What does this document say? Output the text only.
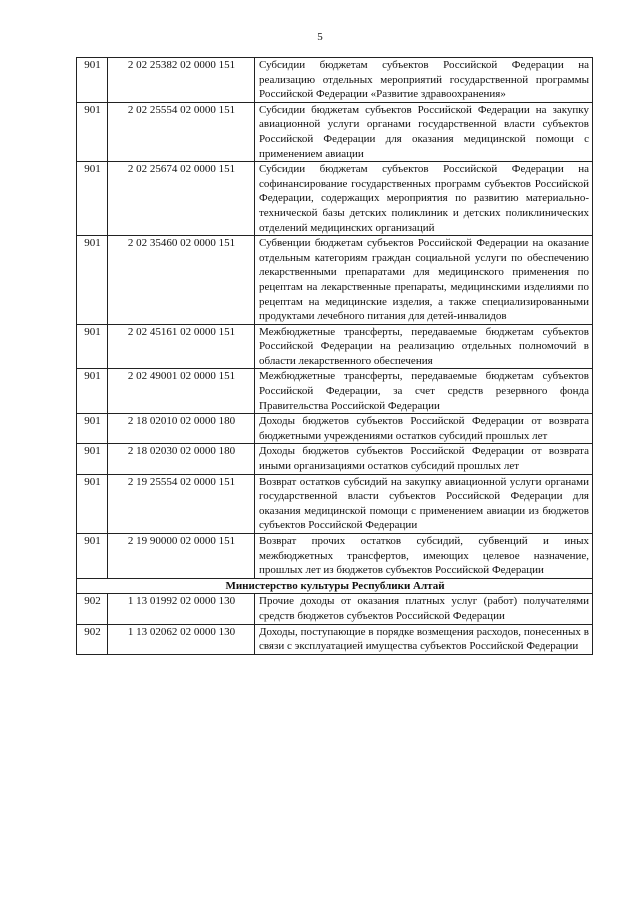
5
901	2 02 25382 02 0000 151	Субсидии бюджетам субъектов Российской Федерации на реализацию отдельных мероприятий государственной программы Российской Федерации «Развитие здравоохранения»
901	2 02 25554 02 0000 151	Субсидии бюджетам субъектов Российской Федерации на закупку авиационной услуги органами государственной власти субъектов Российской Федерации для оказания медицинской помощи с применением авиации
901	2 02 25674 02 0000 151	Субсидии бюджетам субъектов Российской Федерации на софинансирование государственных программ субъектов Российской Федерации, содержащих мероприятия по развитию материально-технической базы детских поликлиник и детских поликлинических отделений медицинских организаций
901	2 02 35460 02 0000 151	Субвенции бюджетам субъектов Российской Федерации на оказание отдельным категориям граждан социальной услуги по обеспечению лекарственными препаратами для медицинского применения по рецептам на лекарственные препараты, медицинскими изделиями по рецептам на медицинские изделия, а также специализированными продуктами лечебного питания для детей-инвалидов
901	2 02 45161 02 0000 151	Межбюджетные трансферты, передаваемые бюджетам субъектов Российской Федерации на реализацию отдельных полномочий в области лекарственного обеспечения
901	2 02 49001 02 0000 151	Межбюджетные трансферты, передаваемые бюджетам субъектов Российской Федерации, за счет средств резервного фонда Правительства Российской Федерации
901	2 18 02010 02 0000 180	Доходы бюджетов субъектов Российской Федерации от возврата бюджетными учреждениями остатков субсидий прошлых лет
901	2 18 02030 02 0000 180	Доходы бюджетов субъектов Российской Федерации от возврата иными организациями остатков субсидий прошлых лет
901	2 19 25554 02 0000 151	Возврат остатков субсидий на закупку авиационной услуги органами государственной власти субъектов Российской Федерации для оказания медицинской помощи с применением авиации из бюджетов субъектов Российской Федерации
901	2 19 90000 02 0000 151	Возврат прочих остатков субсидий, субвенций и иных межбюджетных трансфертов, имеющих целевое назначение, прошлых лет из бюджетов субъектов Российской Федерации
Министерство культуры Республики Алтай		
902	1 13 01992 02 0000 130	Прочие доходы от оказания платных услуг (работ) получателями средств бюджетов субъектов Российской Федерации
902	1 13 02062 02 0000 130	Доходы, поступающие в порядке возмещения расходов, понесенных в связи с эксплуатацией имущества субъектов Российской Федерации
